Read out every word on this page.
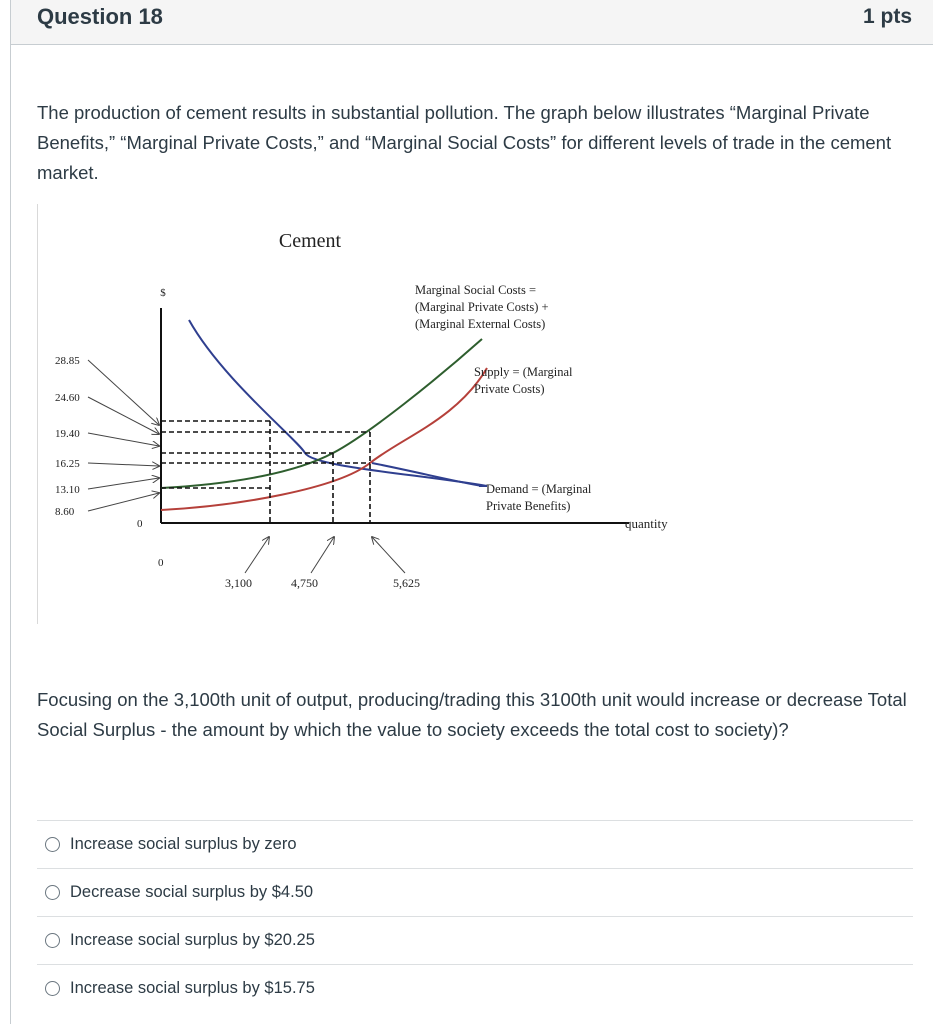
Question 18	1 pts

The production of cement results in substantial pollution. The graph below illustrates “Marginal Private Benefits,” “Marginal Private Costs,” and “Marginal Social Costs” for different levels of trade in the cement market.

Cement
$
quantity
0
0
28.85
24.60
19.40
16.25
13.10
8.60
3,100	4,750	5,625
Marginal Social Costs =
(Marginal Private Costs) +
(Marginal External Costs)
Supply = (Marginal
Private Costs)
Demand = (Marginal
Private Benefits)

Focusing on the 3,100th unit of output, producing/trading this 3100th unit would increase or decrease Total Social Surplus - the amount by which the value to society exceeds the total cost to society)?

Increase social surplus by zero
Decrease social surplus by $4.50
Increase social surplus by $20.25
Increase social surplus by $15.75
